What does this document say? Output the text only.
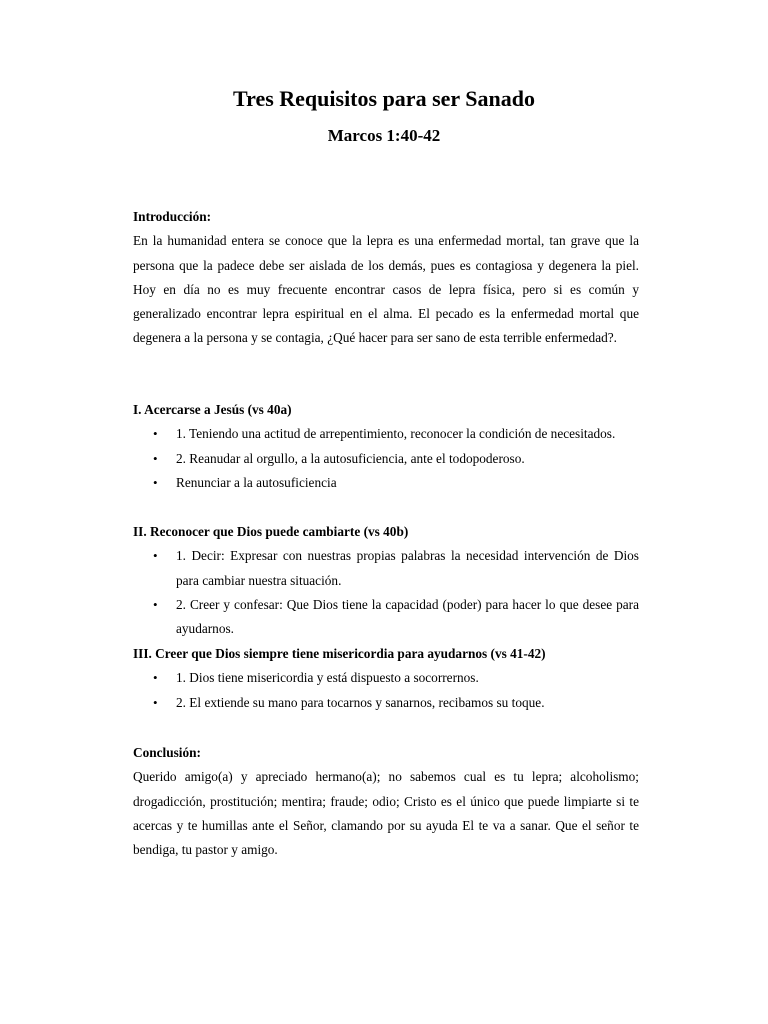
Tres Requisitos para ser Sanado
Marcos 1:40-42

Introducción:

En la humanidad entera se conoce que la lepra es una enfermedad mortal, tan grave que la persona que la padece debe ser aislada de los demás, pues es contagiosa y degenera la piel. Hoy en día no es muy frecuente encontrar casos de lepra física, pero si es común y generalizado encontrar lepra espiritual en el alma. El pecado es la enfermedad mortal que degenera a la persona y se contagia, ¿Qué hacer para ser sano de esta terrible enfermedad?.

I. Acercarse a Jesús (vs 40a)

• 1. Teniendo una actitud de arrepentimiento, reconocer la condición de necesitados.
• 2. Reanudar al orgullo, a la autosuficiencia, ante el todopoderoso.
• Renunciar a la autosuficiencia

II. Reconocer que Dios puede cambiarte (vs 40b)

• 1. Decir: Expresar con nuestras propias palabras la necesidad intervención de Dios para cambiar nuestra situación.
• 2. Creer y confesar: Que Dios tiene la capacidad (poder) para hacer lo que desee para ayudarnos.

III. Creer que Dios siempre tiene misericordia para ayudarnos (vs 41-42)

• 1. Dios tiene misericordia y está dispuesto a socorrernos.
• 2. El extiende su mano para tocarnos y sanarnos, recibamos su toque.

Conclusión:

Querido amigo(a) y apreciado hermano(a); no sabemos cual es tu lepra; alcoholismo; drogadicción, prostitución; mentira; fraude; odio; Cristo es el único que puede limpiarte si te acercas y te humillas ante el Señor, clamando por su ayuda El te va a sanar. Que el señor te bendiga, tu pastor y amigo.
